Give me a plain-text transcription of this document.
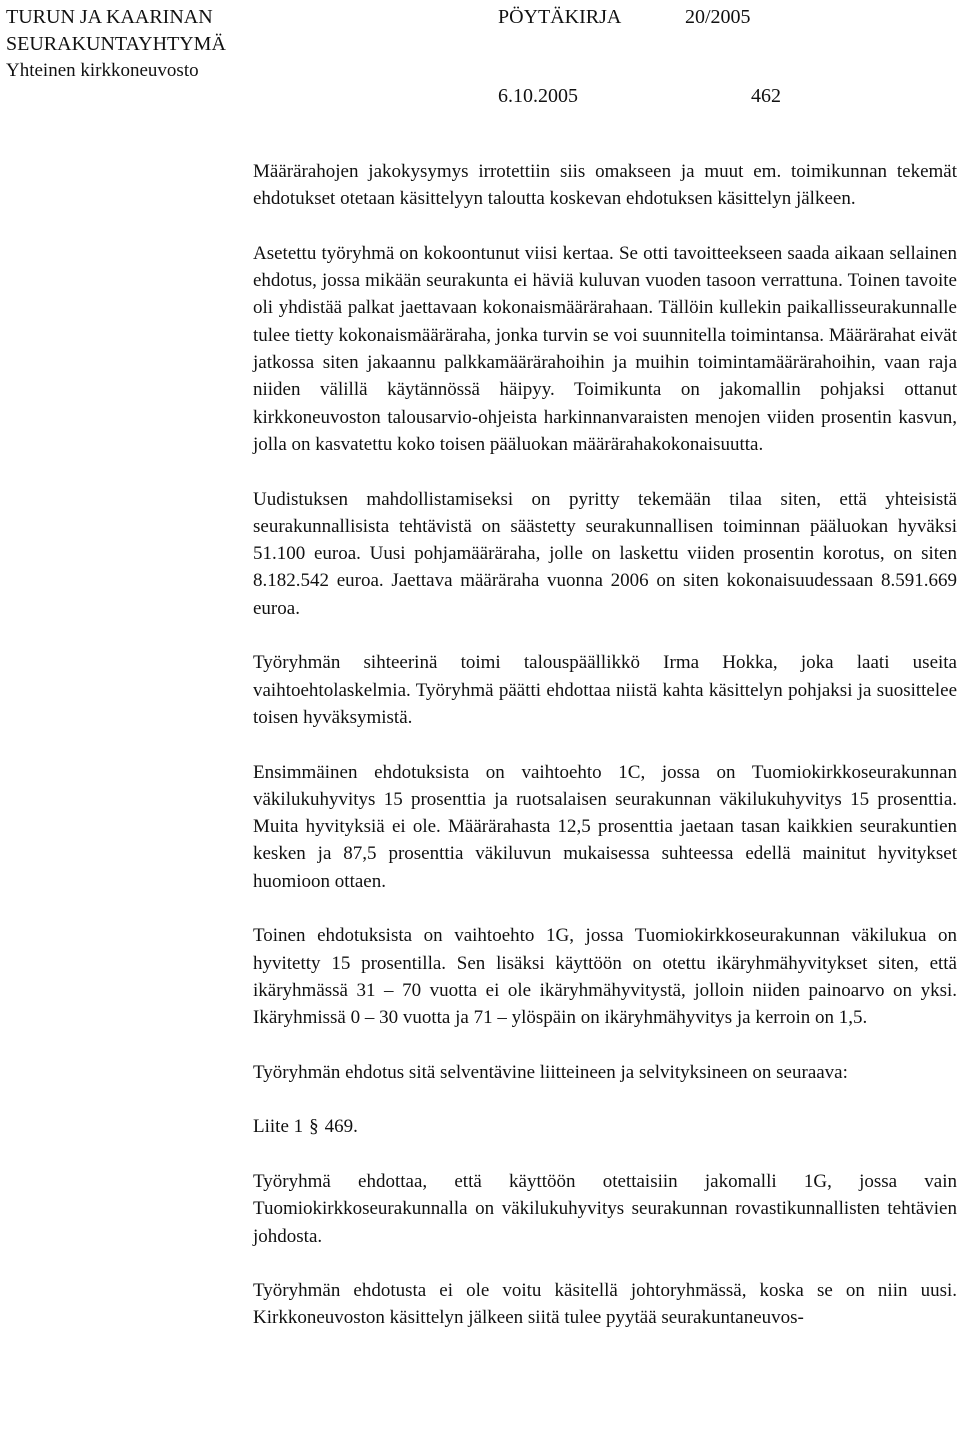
TURUN JA KAARINAN
SEURAKUNTAYHTYMÄ
Yhteinen kirkkoneuvosto
PÖYTÄKIRJA	20/2005
6.10.2005	462

Määrärahojen jakokysymys irrotettiin siis omakseen ja muut em. toimikunnan tekemät ehdotukset otetaan käsittelyyn taloutta koskevan ehdotuksen käsittelyn jälkeen.

Asetettu työryhmä on kokoontunut viisi kertaa. Se otti tavoitteekseen saada aikaan sellainen ehdotus, jossa mikään seurakunta ei häviä kuluvan vuoden tasoon verrattuna. Toinen tavoite oli yhdistää palkat jaettavaan kokonaismäärärahaan. Tällöin kullekin paikallisseurakunnalle tulee tietty kokonaismääräraha, jonka turvin se voi suunnitella toimintansa. Määrärahat eivät jatkossa siten jakaannu palkkamäärärahoihin ja muihin toimintamäärärahoihin, vaan raja niiden välillä käytännössä häipyy. Toimikunta on jakomallin pohjaksi ottanut kirkkoneuvoston talousarvio-ohjeista harkinnanvaraisten menojen viiden prosentin kasvun, jolla on kasvatettu koko toisen pääluokan määrärahakokonaisuutta.

Uudistuksen mahdollistamiseksi on pyritty tekemään tilaa siten, että yhteisistä seurakunnallisista tehtävistä on säästetty seurakunnallisen toiminnan pääluokan hyväksi 51.100 euroa. Uusi pohjamääräraha, jolle on laskettu viiden prosentin korotus, on siten 8.182.542 euroa. Jaettava määräraha vuonna 2006 on siten kokonaisuudessaan 8.591.669 euroa.

Työryhmän sihteerinä toimi talouspäällikkö Irma Hokka, joka laati useita vaihtoehtolaskelmia. Työryhmä päätti ehdottaa niistä kahta käsittelyn pohjaksi ja suosittelee toisen hyväksymistä.

Ensimmäinen ehdotuksista on vaihtoehto 1C, jossa on Tuomiokirkkoseurakunnan väkilukuhyvitys 15 prosenttia ja ruotsalaisen seurakunnan väkilukuhyvitys 15 prosenttia. Muita hyvityksiä ei ole. Määrärahasta 12,5 prosenttia jaetaan tasan kaikkien seurakuntien kesken ja 87,5 prosenttia väkiluvun mukaisessa suhteessa edellä mainitut hyvitykset huomioon ottaen.

Toinen ehdotuksista on vaihtoehto 1G, jossa Tuomiokirkkoseurakunnan väkilukua on hyvitetty 15 prosentilla. Sen lisäksi käyttöön on otettu ikäryhmähyvitykset siten, että ikäryhmässä 31 – 70 vuotta ei ole ikäryhmähyvitystä, jolloin niiden painoarvo on yksi. Ikäryhmissä 0 – 30 vuotta ja 71 – ylöspäin on ikäryhmähyvitys ja kerroin on 1,5.

Työryhmän ehdotus sitä selventävine liitteineen ja selvityksineen on seuraava:

Liite 1 § 469.

Työryhmä ehdottaa, että käyttöön otettaisiin jakomalli 1G, jossa vain Tuomiokirkkoseurakunnalla on väkilukuhyvitys seurakunnan rovastikunnallisten tehtävien johdosta.

Työryhmän ehdotusta ei ole voitu käsitellä johtoryhmässä, koska se on niin uusi. Kirkkoneuvoston käsittelyn jälkeen siitä tulee pyytää seurakuntaneuvos-
